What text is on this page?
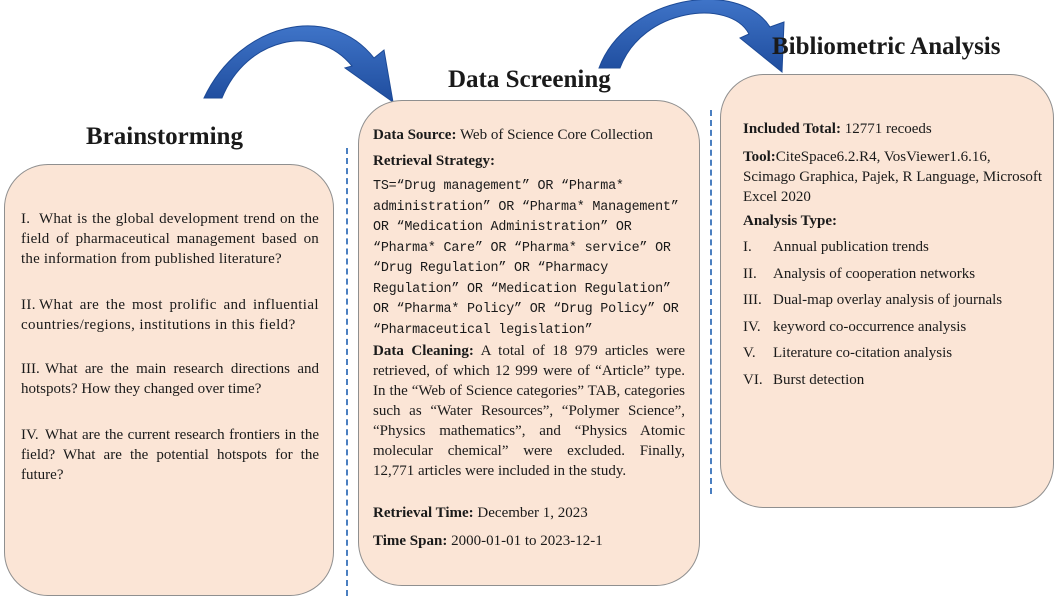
Brainstorming
Data Screening
Bibliometric Analysis
I. What is the global development trend on the field of pharmaceutical management based on the information from published literature?
II. What are the most prolific and influential countries/regions, institutions in this field?
III. What are the main research directions and hotspots? How they changed over time?
IV. What are the current research frontiers in the field? What are the potential hotspots for the future?
Data Source: Web of Science Core Collection
Retrieval Strategy:
TS=“Drug management” OR “Pharma* administration” OR “Pharma* Management” OR “Medication Administration” OR “Pharma* Care” OR “Pharma* service” OR “Drug Regulation” OR “Pharmacy Regulation” OR “Medication Regulation” OR “Pharma* Policy” OR “Drug Policy” OR “Pharmaceutical legislation”
Data Cleaning: A total of 18 979 articles were retrieved, of which 12 999 were of “Article” type. In the “Web of Science categories” TAB, categories such as “Water Resources”, “Polymer Science”, “Physics mathematics”, and “Physics Atomic molecular chemical” were excluded. Finally, 12,771 articles were included in the study.
Retrieval Time: December 1, 2023
Time Span: 2000-01-01 to 2023-12-1
Included Total: 12771 recoeds
Tool:CiteSpace6.2.R4, VosViewer1.6.16, Scimago Graphica, Pajek, R Language, Microsoft Excel 2020
Analysis Type:
I. Annual publication trends
II. Analysis of cooperation networks
III. Dual-map overlay analysis of journals
IV. keyword co-occurrence analysis
V. Literature co-citation analysis
VI. Burst detection
